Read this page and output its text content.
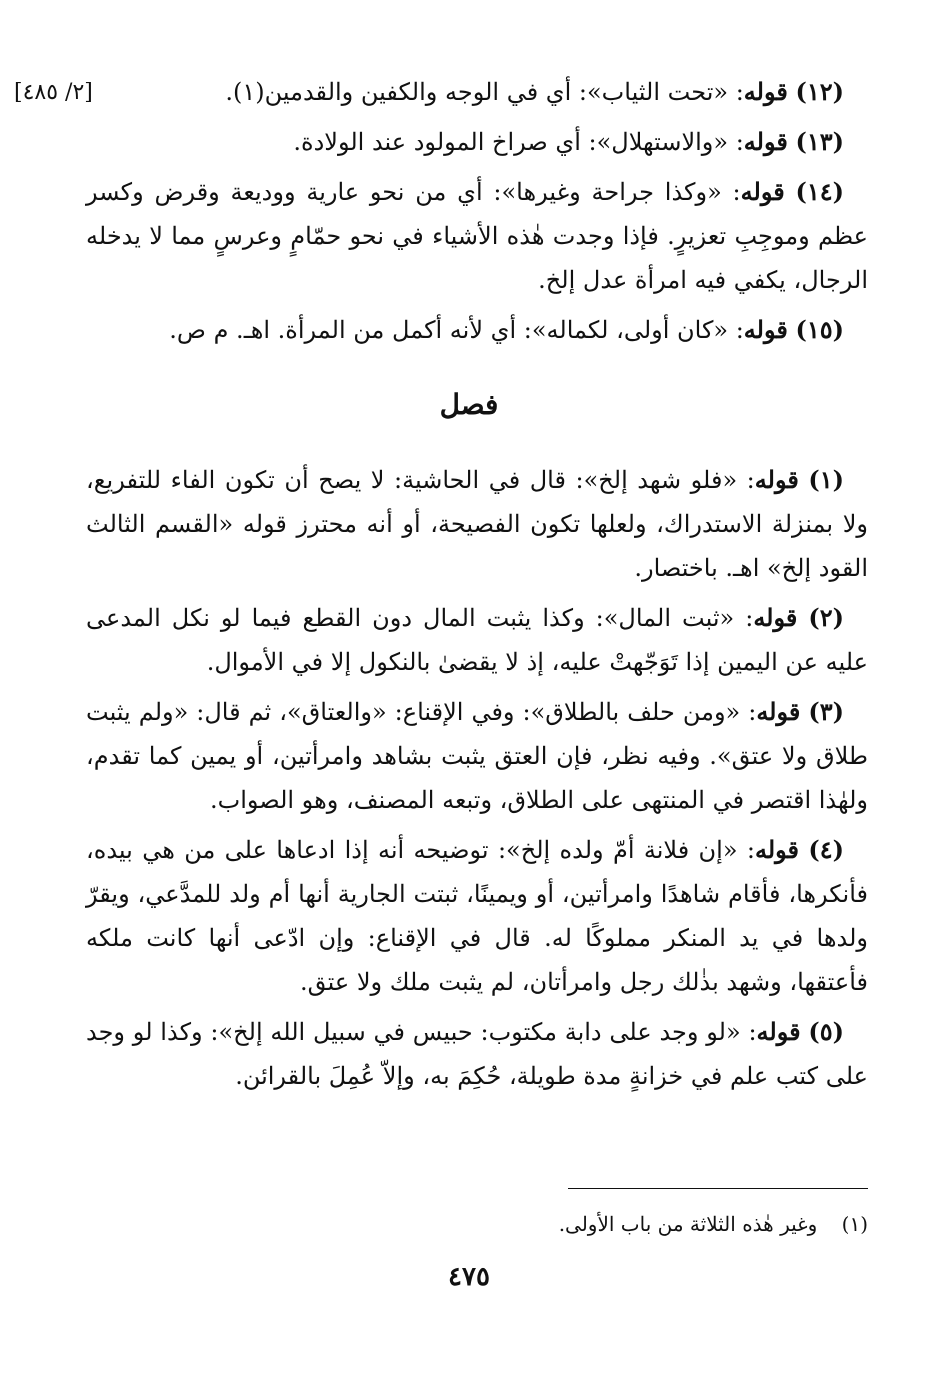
[٢/ ٤٨٥]	(١٢) قوله: «تحت الثياب»: أي في الوجه والكفين والقدمين(١).

(١٣) قوله: «والاستهلال»: أي صراخ المولود عند الولادة.

(١٤) قوله: «وكذا جراحة وغيرها»: أي من نحو عارية ووديعة وقرض وكسر عظم وموجِبِ تعزيرٍ. فإذا وجدت هٰذه الأشياء في نحو حمّامٍ وعرسٍ مما لا يدخله الرجال، يكفي فيه امرأة عدل إلخ.

(١٥) قوله: «كان أولى، لكماله»: أي لأنه أكمل من المرأة. اهـ. م ص.

فصل

(١) قوله: «فلو شهد إلخ»: قال في الحاشية: لا يصح أن تكون الفاء للتفريع، ولا بمنزلة الاستدراك، ولعلها تكون الفصيحة، أو أنه محترز قوله «القسم الثالث القود إلخ» اهـ. باختصار.

(٢) قوله: «ثبت المال»: وكذا يثبت المال دون القطع فيما لو نكل المدعى عليه عن اليمين إذا تَوَجّهتْ عليه، إذ لا يقضىٰ بالنكول إلا في الأموال.

(٣) قوله: «ومن حلف بالطلاق»: وفي الإقناع: «والعتاق»، ثم قال: «ولم يثبت طلاق ولا عتق». وفيه نظر، فإن العتق يثبت بشاهد وامرأتين، أو يمين كما تقدم، ولهٰذا اقتصر في المنتهى على الطلاق، وتبعه المصنف، وهو الصواب.

(٤) قوله: «إن فلانة أمّ ولده إلخ»: توضيحه أنه إذا ادعاها على من هي بيده، فأنكرها، فأقام شاهدًا وامرأتين، أو ويمينًا، ثبتت الجارية أنها أم ولد للمدَّعي، ويقرّ ولدها في يد المنكر مملوكًا له. قال في الإقناع: وإن ادّعى أنها كانت ملكه فأعتقها، وشهد بذٰلك رجل وامرأتان، لم يثبت ملك ولا عتق.

(٥) قوله: «لو وجد على دابة مكتوب: حبيس في سبيل الله إلخ»: وكذا لو وجد على كتب علم في خزانةٍ مدة طويلة، حُكِمَ به، وإلاّ عُمِلَ بالقرائن.

(١) وغير هٰذه الثلاثة من باب الأولى.
٤٧٥
